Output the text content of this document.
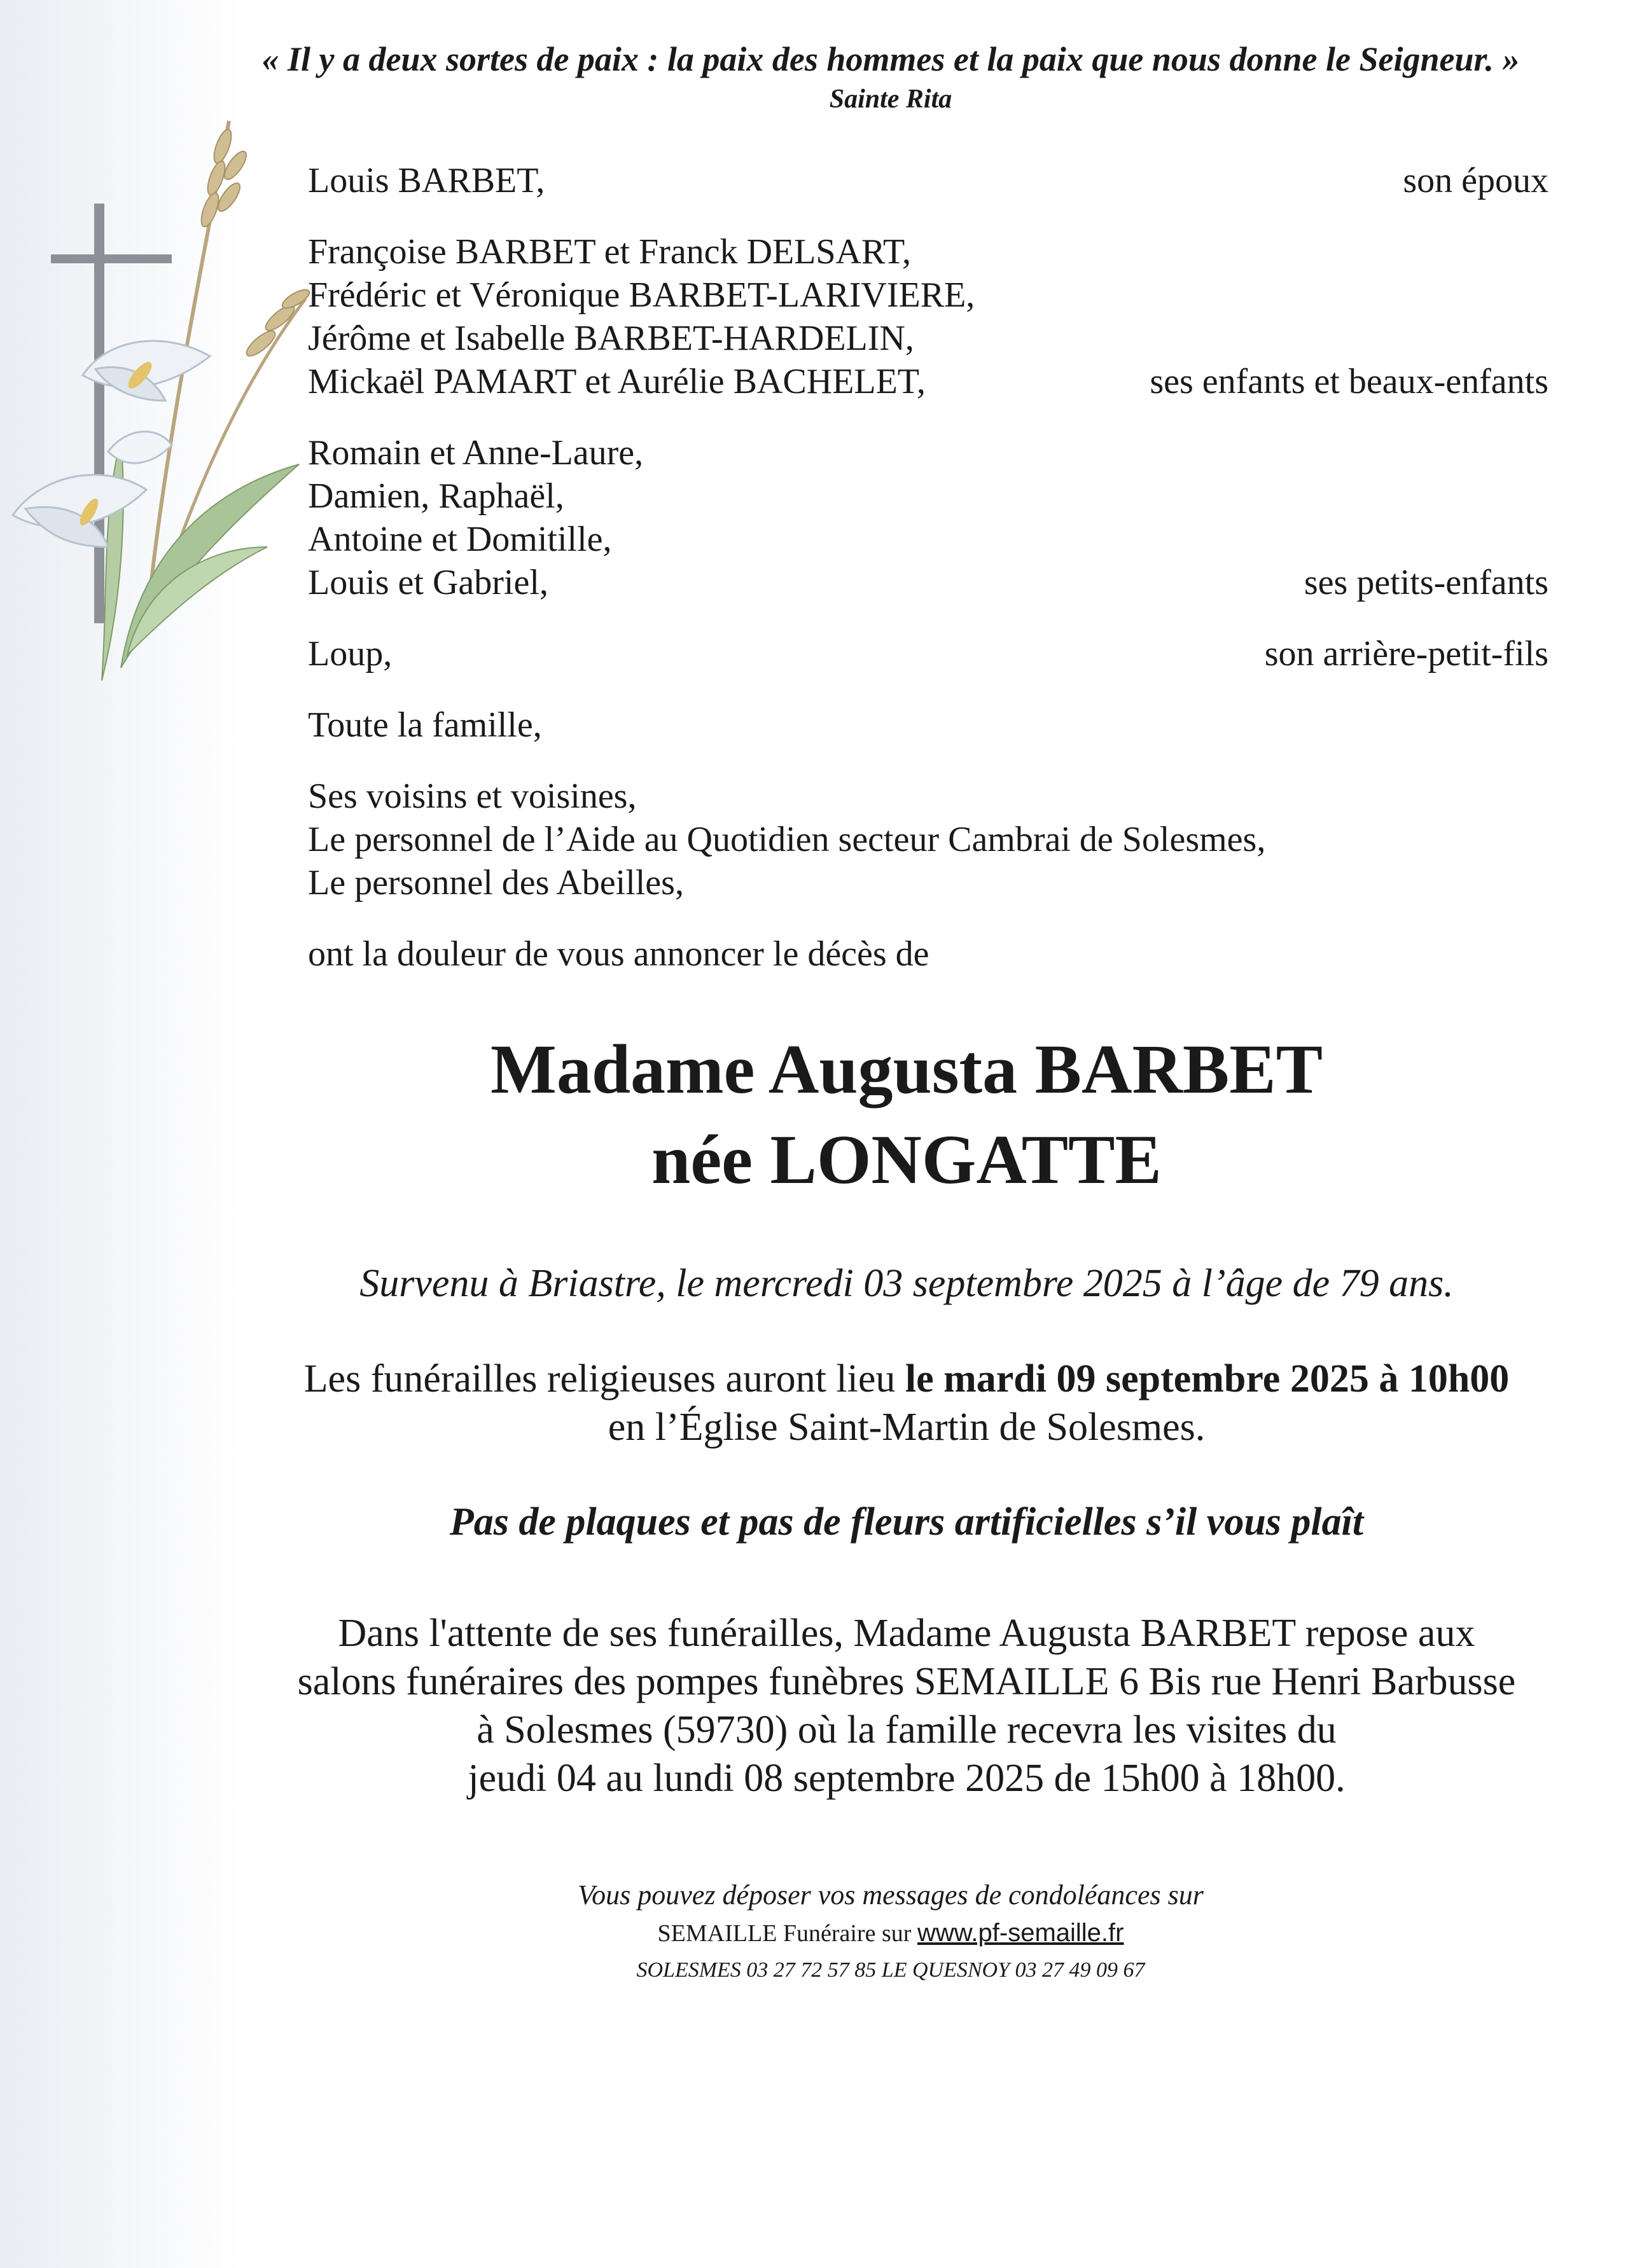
« Il y a deux sortes de paix : la paix des hommes et la paix que nous donne le Seigneur. »
Sainte Rita
Louis BARBET,	son époux
Françoise BARBET et Franck DELSART,
Frédéric et Véronique BARBET-LARIVIERE,
Jérôme et Isabelle BARBET-HARDELIN,
Mickaël PAMART et Aurélie BACHELET,	ses enfants et beaux-enfants
Romain et Anne-Laure,
Damien, Raphaël,
Antoine et Domitille,
Louis et Gabriel,	ses petits-enfants
Loup,	son arrière-petit-fils
Toute la famille,
Ses voisins et voisines,
Le personnel de l’Aide au Quotidien secteur Cambrai de Solesmes,
Le personnel des Abeilles,
ont la douleur de vous annoncer le décès de
Madame Augusta BARBET
née LONGATTE
Survenu à Briastre, le mercredi 03 septembre 2025 à l’âge de 79 ans.
Les funérailles religieuses auront lieu le mardi 09 septembre 2025 à 10h00
en l’Église Saint-Martin de Solesmes.
Pas de plaques et pas de fleurs artificielles s’il vous plaît
Dans l'attente de ses funérailles, Madame Augusta BARBET repose aux
salons funéraires des pompes funèbres SEMAILLE 6 Bis rue Henri Barbusse
à Solesmes (59730) où la famille recevra les visites du
jeudi 04 au lundi 08 septembre 2025 de 15h00 à 18h00.
Vous pouvez déposer vos messages de condoléances sur
SEMAILLE Funéraire sur www.pf-semaille.fr
SOLESMES 03 27 72 57 85 LE QUESNOY 03 27 49 09 67
